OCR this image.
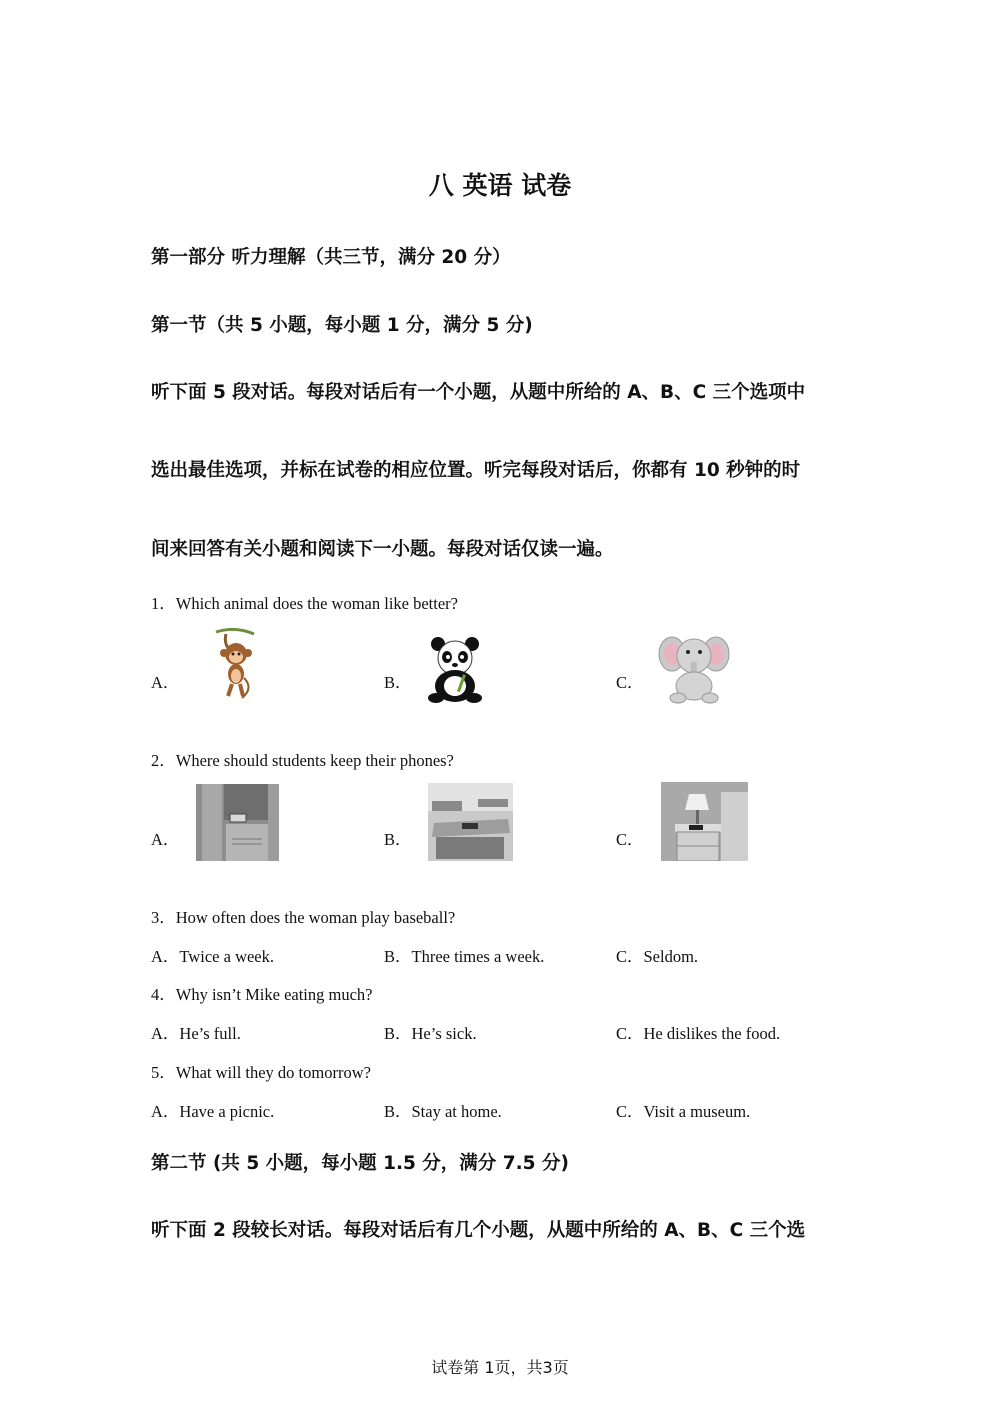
八 英语 试卷
第一部分 听力理解（共三节，满分 20 分）
第一节（共 5 小题，每小题 1 分，满分 5 分)
听下面 5 段对话。每段对话后有一个小题，从题中所给的 A、B、C 三个选项中
选出最佳选项，并标在试卷的相应位置。听完每段对话后，你都有 10 秒钟的时
间来回答有关小题和阅读下一小题。每段对话仅读一遍。
1．Which animal does the woman like better?
A．	B．	C．
2．Where should students keep their phones?
A．	B．	C．
3．How often does the woman play baseball?
A．Twice a week.	B．Three times a week.	C．Seldom.
4．Why isn’t Mike eating much?
A．He’s full.	B．He’s sick.	C．He dislikes the food.
5．What will they do tomorrow?
A．Have a picnic.	B．Stay at home.	C．Visit a museum.
第二节 (共 5 小题，每小题 1.5 分，满分 7.5 分)
听下面 2 段较长对话。每段对话后有几个小题，从题中所给的 A、B、C 三个选
试卷第 1页，共3页
